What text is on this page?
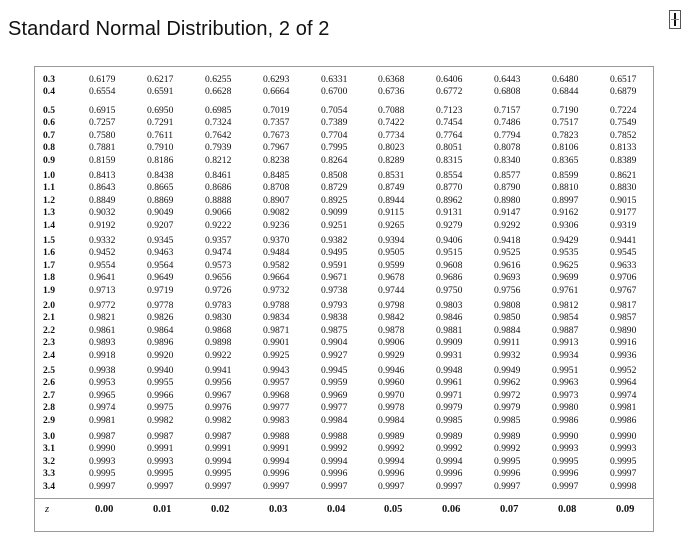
Standard Normal Distribution, 2 of 2
0.3	0.6179	0.6217	0.6255	0.6293	0.6331	0.6368	0.6406	0.6443	0.6480	0.6517
0.4	0.6554	0.6591	0.6628	0.6664	0.6700	0.6736	0.6772	0.6808	0.6844	0.6879
0.5	0.6915	0.6950	0.6985	0.7019	0.7054	0.7088	0.7123	0.7157	0.7190	0.7224
0.6	0.7257	0.7291	0.7324	0.7357	0.7389	0.7422	0.7454	0.7486	0.7517	0.7549
0.7	0.7580	0.7611	0.7642	0.7673	0.7704	0.7734	0.7764	0.7794	0.7823	0.7852
0.8	0.7881	0.7910	0.7939	0.7967	0.7995	0.8023	0.8051	0.8078	0.8106	0.8133
0.9	0.8159	0.8186	0.8212	0.8238	0.8264	0.8289	0.8315	0.8340	0.8365	0.8389
1.0	0.8413	0.8438	0.8461	0.8485	0.8508	0.8531	0.8554	0.8577	0.8599	0.8621
1.1	0.8643	0.8665	0.8686	0.8708	0.8729	0.8749	0.8770	0.8790	0.8810	0.8830
1.2	0.8849	0.8869	0.8888	0.8907	0.8925	0.8944	0.8962	0.8980	0.8997	0.9015
1.3	0.9032	0.9049	0.9066	0.9082	0.9099	0.9115	0.9131	0.9147	0.9162	0.9177
1.4	0.9192	0.9207	0.9222	0.9236	0.9251	0.9265	0.9279	0.9292	0.9306	0.9319
1.5	0.9332	0.9345	0.9357	0.9370	0.9382	0.9394	0.9406	0.9418	0.9429	0.9441
1.6	0.9452	0.9463	0.9474	0.9484	0.9495	0.9505	0.9515	0.9525	0.9535	0.9545
1.7	0.9554	0.9564	0.9573	0.9582	0.9591	0.9599	0.9608	0.9616	0.9625	0.9633
1.8	0.9641	0.9649	0.9656	0.9664	0.9671	0.9678	0.9686	0.9693	0.9699	0.9706
1.9	0.9713	0.9719	0.9726	0.9732	0.9738	0.9744	0.9750	0.9756	0.9761	0.9767
2.0	0.9772	0.9778	0.9783	0.9788	0.9793	0.9798	0.9803	0.9808	0.9812	0.9817
2.1	0.9821	0.9826	0.9830	0.9834	0.9838	0.9842	0.9846	0.9850	0.9854	0.9857
2.2	0.9861	0.9864	0.9868	0.9871	0.9875	0.9878	0.9881	0.9884	0.9887	0.9890
2.3	0.9893	0.9896	0.9898	0.9901	0.9904	0.9906	0.9909	0.9911	0.9913	0.9916
2.4	0.9918	0.9920	0.9922	0.9925	0.9927	0.9929	0.9931	0.9932	0.9934	0.9936
2.5	0.9938	0.9940	0.9941	0.9943	0.9945	0.9946	0.9948	0.9949	0.9951	0.9952
2.6	0.9953	0.9955	0.9956	0.9957	0.9959	0.9960	0.9961	0.9962	0.9963	0.9964
2.7	0.9965	0.9966	0.9967	0.9968	0.9969	0.9970	0.9971	0.9972	0.9973	0.9974
2.8	0.9974	0.9975	0.9976	0.9977	0.9977	0.9978	0.9979	0.9979	0.9980	0.9981
2.9	0.9981	0.9982	0.9982	0.9983	0.9984	0.9984	0.9985	0.9985	0.9986	0.9986
3.0	0.9987	0.9987	0.9987	0.9988	0.9988	0.9989	0.9989	0.9989	0.9990	0.9990
3.1	0.9990	0.9991	0.9991	0.9991	0.9992	0.9992	0.9992	0.9992	0.9993	0.9993
3.2	0.9993	0.9993	0.9994	0.9994	0.9994	0.9994	0.9994	0.9995	0.9995	0.9995
3.3	0.9995	0.9995	0.9995	0.9996	0.9996	0.9996	0.9996	0.9996	0.9996	0.9997
3.4	0.9997	0.9997	0.9997	0.9997	0.9997	0.9997	0.9997	0.9997	0.9997	0.9998
z	0.00	0.01	0.02	0.03	0.04	0.05	0.06	0.07	0.08	0.09
